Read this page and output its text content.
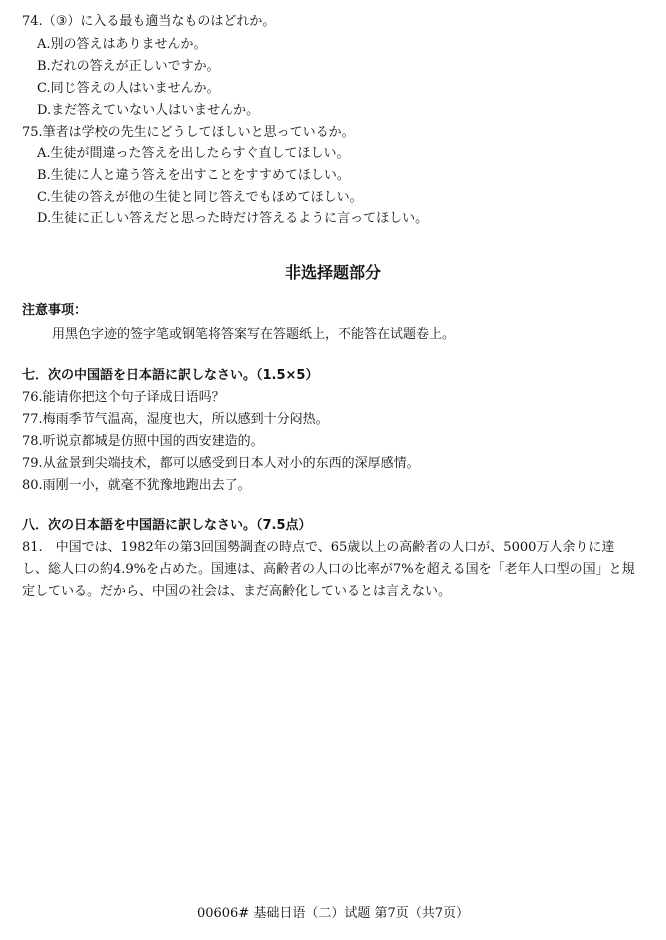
74.（③）に入る最も適当なものはどれか。
A.別の答えはありませんか。
B.だれの答えが正しいですか。
C.同じ答えの人はいませんか。
D.まだ答えていない人はいませんか。
75.筆者は学校の先生にどうしてほしいと思っているか。
A.生徒が間違った答えを出したらすぐ直してほしい。
B.生徒に人と違う答えを出すことをすすめてほしい。
C.生徒の答えが他の生徒と同じ答えでもほめてほしい。
D.生徒に正しい答えだと思った時だけ答えるように言ってほしい。
非选择题部分
注意事项：
用黑色字迹的签字笔或钢笔将答案写在答题纸上，不能答在试题卷上。
七．次の中国語を日本語に訳しなさい。（1.5×5）
76.能请你把这个句子译成日语吗？
77.梅雨季节气温高，湿度也大，所以感到十分闷热。
78.听说京都城是仿照中国的西安建造的。
79.从盆景到尖端技术，都可以感受到日本人对小的东西的深厚感情。
80.雨刚一小，就毫不犹豫地跑出去了。
八．次の日本語を中国語に訳しなさい。（7.5点）
81.　中国では、1982年の第3回国勢調査の時点で、65歳以上の高齢者の人口が、5000万人余りに達し、総人口の約4.9%を占めた。国連は、高齢者の人口の比率が7%を超える国を「老年人口型の国」と規定している。だから、中国の社会は、まだ高齢化しているとは言えない。
00606# 基础日语（二）试题 第7页（共7页）
